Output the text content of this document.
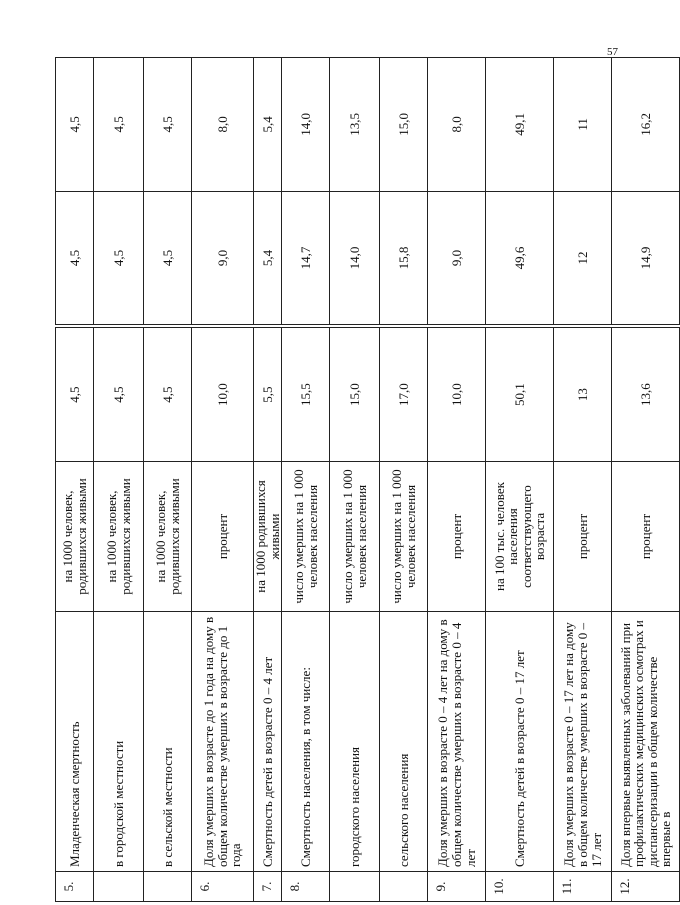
57
5.	Младенческая смертность	на 1000 человек, родившихся живыми	4,5		4,5	4,5
	в городской местности	на 1000 человек, родившихся живыми	4,5		4,5	4,5
	в сельской местности	на 1000 человек, родившихся живыми	4,5		4,5	4,5
6.	Доля умерших в возрасте до 1 года на дому в общем количестве умерших в возрасте до 1 года	процент	10,0		9,0	8,0
7.	Смертность детей в возрасте 0 – 4 лет	на 1000 родившихся живыми	5,5		5,4	5,4
8.	Смертность населения, в том числе:	число умерших на 1 000 человек населения	15,5		14,7	14,0
	городского населения	число умерших на 1 000 человек населения	15,0		14,0	13,5
	сельского населения	число умерших на 1 000 человек населения	17,0		15,8	15,0
9.	Доля умерших в возрасте 0 – 4 лет на дому в общем количестве умерших в возрасте 0 – 4 лет	процент	10,0		9,0	8,0
10.	Смертность детей в возрасте 0 – 17 лет	на 100 тыс. человек населения соответствующего возраста	50,1		49,6	49,1
11.	Доля умерших в возрасте 0 – 17 лет на дому в общем количестве умерших в возрасте 0 – 17 лет	процент	13		12	11
12.	Доля впервые выявленных заболеваний при профилактических медицинских осмотрах и диспансеризации в общем количестве впервые в	процент	13,6		14,9	16,2
